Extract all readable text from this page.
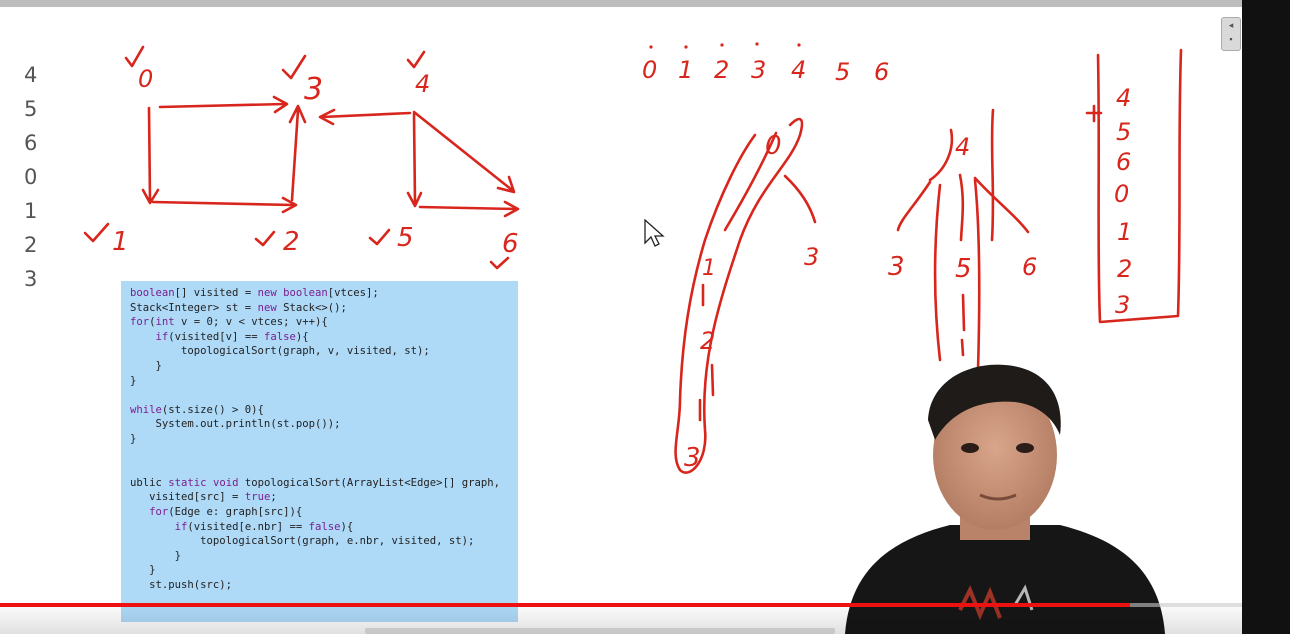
4
5
6
0
1
2
3
0
1	2
3	4
5	6
0 1 2 3 4 5 6
0
1
2
3
3
4
3 5 6
4
5
6
0
1
2
3
boolean[] visited = new boolean[vtces];
Stack<Integer> st = new Stack<>();
for(int v = 0; v < vtces; v++){
if(visited[v] == false){
topologicalSort(graph, v, visited, st);
}
}

while(st.size() > 0){
System.out.println(st.pop());
}

ublic static void topologicalSort(ArrayList<Edge>[] graph,
visited[src] = true;
for(Edge e: graph[src]){
if(visited[e.nbr] == false){
topologicalSort(graph, e.nbr, visited, st);
}
}
st.push(src);

◂
▪
